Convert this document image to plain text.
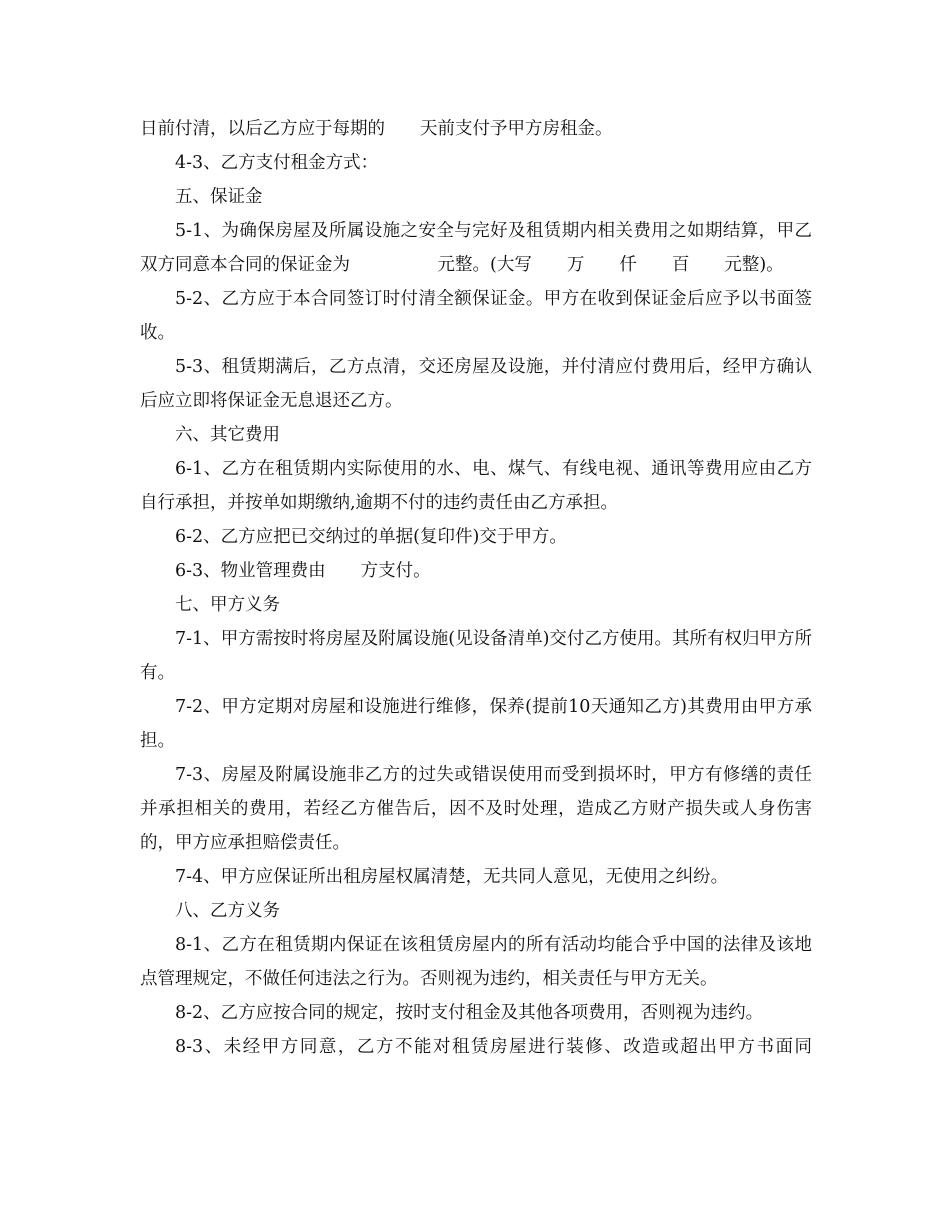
日前付清，以后乙方应于每期的　　天前支付予甲方房租金。

4-3、乙方支付租金方式：

五、保证金

5-1、为确保房屋及所属设施之安全与完好及租赁期内相关费用之如期结算，甲乙双方同意本合同的保证金为　　　　　元整。(大写　　万　　仟　　百　　元整)。

5-2、乙方应于本合同签订时付清全额保证金。甲方在收到保证金后应予以书面签收。

5-3、租赁期满后，乙方点清，交还房屋及设施，并付清应付费用后，经甲方确认后应立即将保证金无息退还乙方。

六、其它费用

6-1、乙方在租赁期内实际使用的水、电、煤气、有线电视、通讯等费用应由乙方自行承担，并按单如期缴纳,逾期不付的违约责任由乙方承担。

6-2、乙方应把已交纳过的单据(复印件)交于甲方。

6-3、物业管理费由　　方支付。

七、甲方义务

7-1、甲方需按时将房屋及附属设施(见设备清单)交付乙方使用。其所有权归甲方所有。

7-2、甲方定期对房屋和设施进行维修，保养(提前10天通知乙方)其费用由甲方承担。

7-3、房屋及附属设施非乙方的过失或错误使用而受到损坏时，甲方有修缮的责任并承担相关的费用，若经乙方催告后，因不及时处理，造成乙方财产损失或人身伤害的，甲方应承担赔偿责任。

7-4、甲方应保证所出租房屋权属清楚，无共同人意见，无使用之纠纷。

八、乙方义务

8-1、乙方在租赁期内保证在该租赁房屋内的所有活动均能合乎中国的法律及该地点管理规定，不做任何违法之行为。否则视为违约，相关责任与甲方无关。

8-2、乙方应按合同的规定，按时支付租金及其他各项费用，否则视为违约。

8-3、未经甲方同意，乙方不能对租赁房屋进行装修、改造或超出甲方书面同
